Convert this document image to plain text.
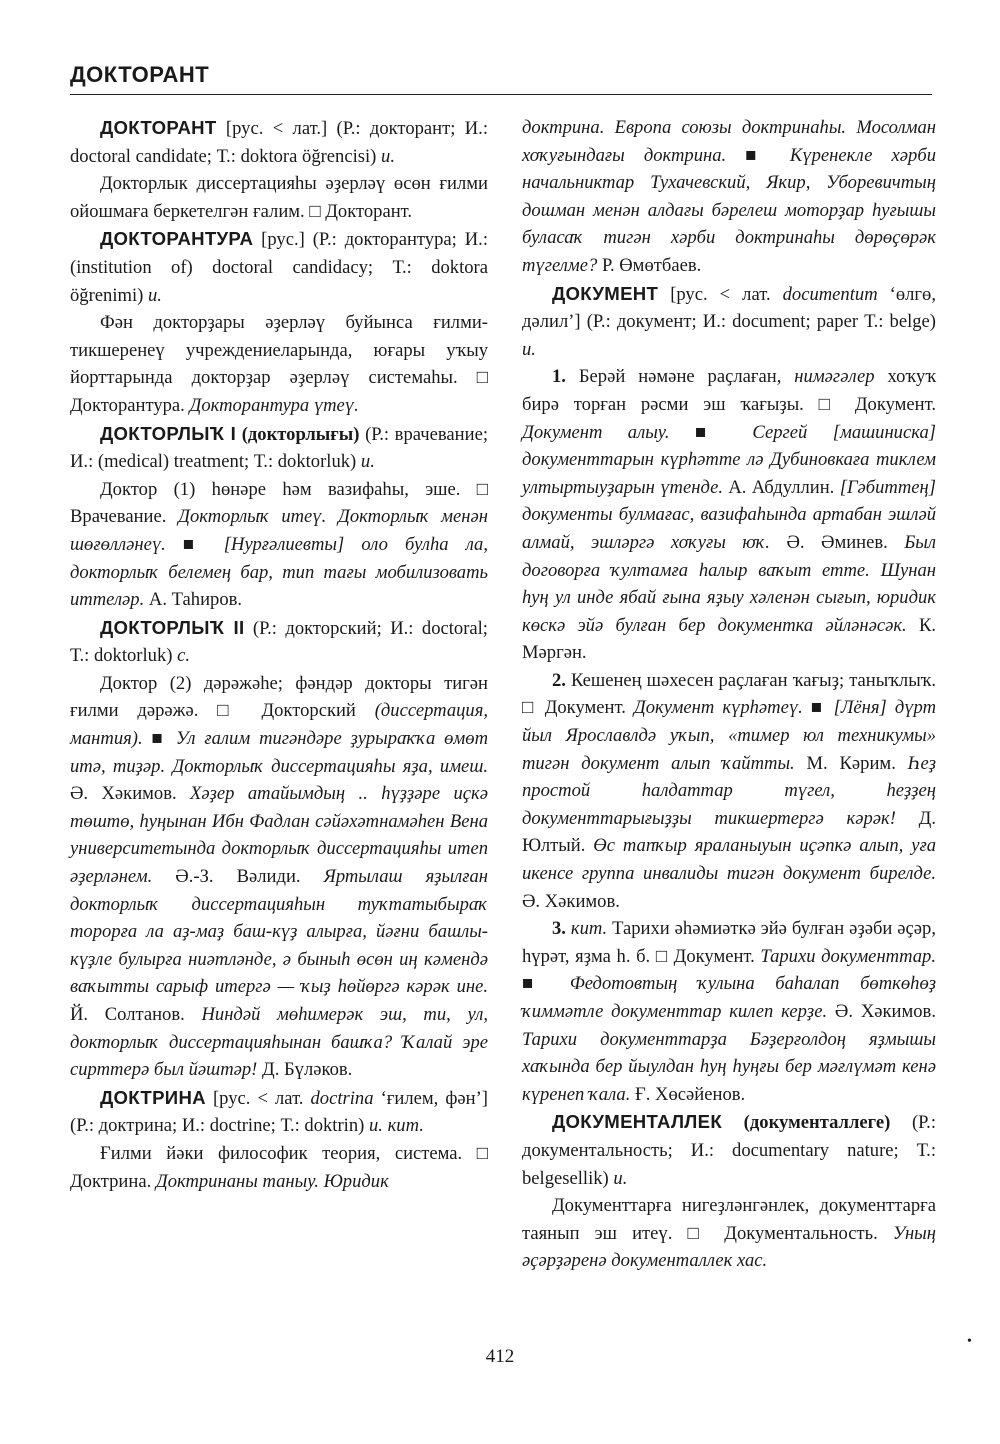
ДОКТОРАНТ

ДОКТОРАНТ [рус. < лат.] (Р.: докторант; И.: doctoral candidate; Т.: doktora öğrencisi) и.

Докторлык диссертацияhы әҙерләү өсөн ғилми ойошмаға беркетелгән ғалим. □ Докторант.

ДОКТОРАНТУРА [рус.] (Р.: докторантура; И.: (institution of) doctoral candidacy; Т.: doktora öğrenimi) и.

Фән докторҙары әҙерләү буйынса ғилми-тикшеренеү учреждениеларында, юғары уҡыу йорттарында докторҙар әҙерләү системаhы. □ Докторантура. Докторантура үтеү.

ДОКТОРЛЫҠ I (докторлығы) (Р.: врачевание; И.: (medical) treatment; Т.: doktorluk) и.

Доктор (1) hөнәре һәм вазифаhы, эше. □ Врачевание. Докторлыҡ итеү. Докторлыҡ менән шөғөлләнеү. ■ [Нурғәлиевты] оло булһа ла, докторлыҡ белемең бар, тип тағы мобилизовать иттеләр. А. Таһиров.

ДОКТОРЛЫҠ II (Р.: докторский; И.: doctoral; Т.: doktorluk) с.

Доктор (2) дәрәжәһе; фәндәр докторы тигән ғилми дәрәжә. □ Докторский (диссертация, мантия). ■ Ул ғалим тигәндәре ҙурыраҡҡа өмөт итә, тиҙәр. Докторлыҡ диссертацияhы яҙа, имеш. Ә. Хәкимов. Хәҙер атайымдың .. hүҙҙәре иҫкә төштө, һуңынан Ибн Фадлан сәйәхәтнамәhен Вена университетында докторлыҡ диссертацияhы итеп әҙерләнем. Ә.-З. Вәлиди. Яртылаш яҙылған докторлыҡ диссертацияhын туҡтатыбыраҡ торорға ла аҙ-маҙ баш-күҙ алырға, йәғни башлы-күҙле булырға ниәтләнде, ә быныһ өсөн иң кәмендә ваҡытты сарыф итергә — ҡыҙ hөйөргә кәрәк ине. Й. Солтанов. Ниндәй мөһимерәк эш, ти, ул, докторлыҡ диссертацияhынан башҡа? Ҡалай эре сирттерә был йәштәр! Д. Бүләков.

ДОКТРИНА [рус. < лат. doctrina ‘ғилем, фән’] (Р.: доктрина; И.: doctrine; Т.: doktrin) и. кит.

Ғилми йәки философик теория, система. □ Доктрина. Доктринаны таныу. Юридик

доктрина. Европа союзы доктринаhы. Мосолман хоҡуғындағы доктрина. ■ Күренекле хәрби начальниктар Тухачевский, Якир, Уборевичтың дошман менән алдағы бәрелеш моторҙар һуғышы буласаҡ тигән хәрби доктринаhы дөрөҫөрәк түгелме? Р. Өмөтбаев.

ДОКУМЕНТ [рус. < лат. documentum ‘өлгө, дәлил’] (Р.: документ; И.: document; paper Т.: belge) и.

1. Берәй нәмәне раҫлаған, нимәгәлер хоҡуҡ бирә торған рәсми эш ҡағыҙы. □ Документ. Документ алыу. ■ Сергей [машиниска] документтарын күрһәтте лә Дубиновкаға тиклем ултыртыуҙарын үтенде. А. Абдуллин. [Гәбиттең] документы булмағас, вазифаhында артабан эшләй алмай, эшләргә хоҡуғы юҡ. Ә. Әминев. Был договорға ҡултамға һалыр ваҡыт етте. Шунан һуң ул инде ябай ғына яҙыу хәленән сығып, юридик көскә эйә булған бер документка әйләнәсәк. К. Мәргән.

2. Кешенең шәхесен раҫлаған ҡағыҙ; таныҡлыҡ. □ Документ. Документ күрһәтеү. ■ [Лёня] дүрт йыл Ярославлдә уҡып, «тимер юл техникумы» тигән документ алып ҡайтты. М. Кәрим. Һеҙ простой һалдаттар түгел, һеҙҙең документтарығыҙҙы тикшертергә кәрәк! Д. Юлтый. Өс тапҡыр яраланыуын иҫәпкә алып, уға икенсе группа инвалиды тигән документ бирелде. Ә. Хәкимов.

3. кит. Тарихи әһәмиәткә эйә булған әҙәби әҫәр, һүрәт, яҙма һ. б. □ Документ. Тарихи документтар. ■ Федотовтың ҡулына баһалап бөткөһөҙ ҡиммәтле документтар килеп керҙе. Ә. Хәкимов. Тарихи документтарҙа Бәҙерғолдоң яҙмышы хаҡында бер йыулдан һуң һуңғы бер мәғлүмәт кенә күренеп ҡала. Ғ. Хөсәйенов.

ДОКУМЕНТАЛЛЕК (документаллеге) (Р.: документальность; И.: documentary nature; Т.: belgesellik) и.

Документтарға нигеҙләнгәнлек, документтарға таянып эш итеү. □ Документальность. Уның әҫәрҙәренә документаллек хас.

412
•
